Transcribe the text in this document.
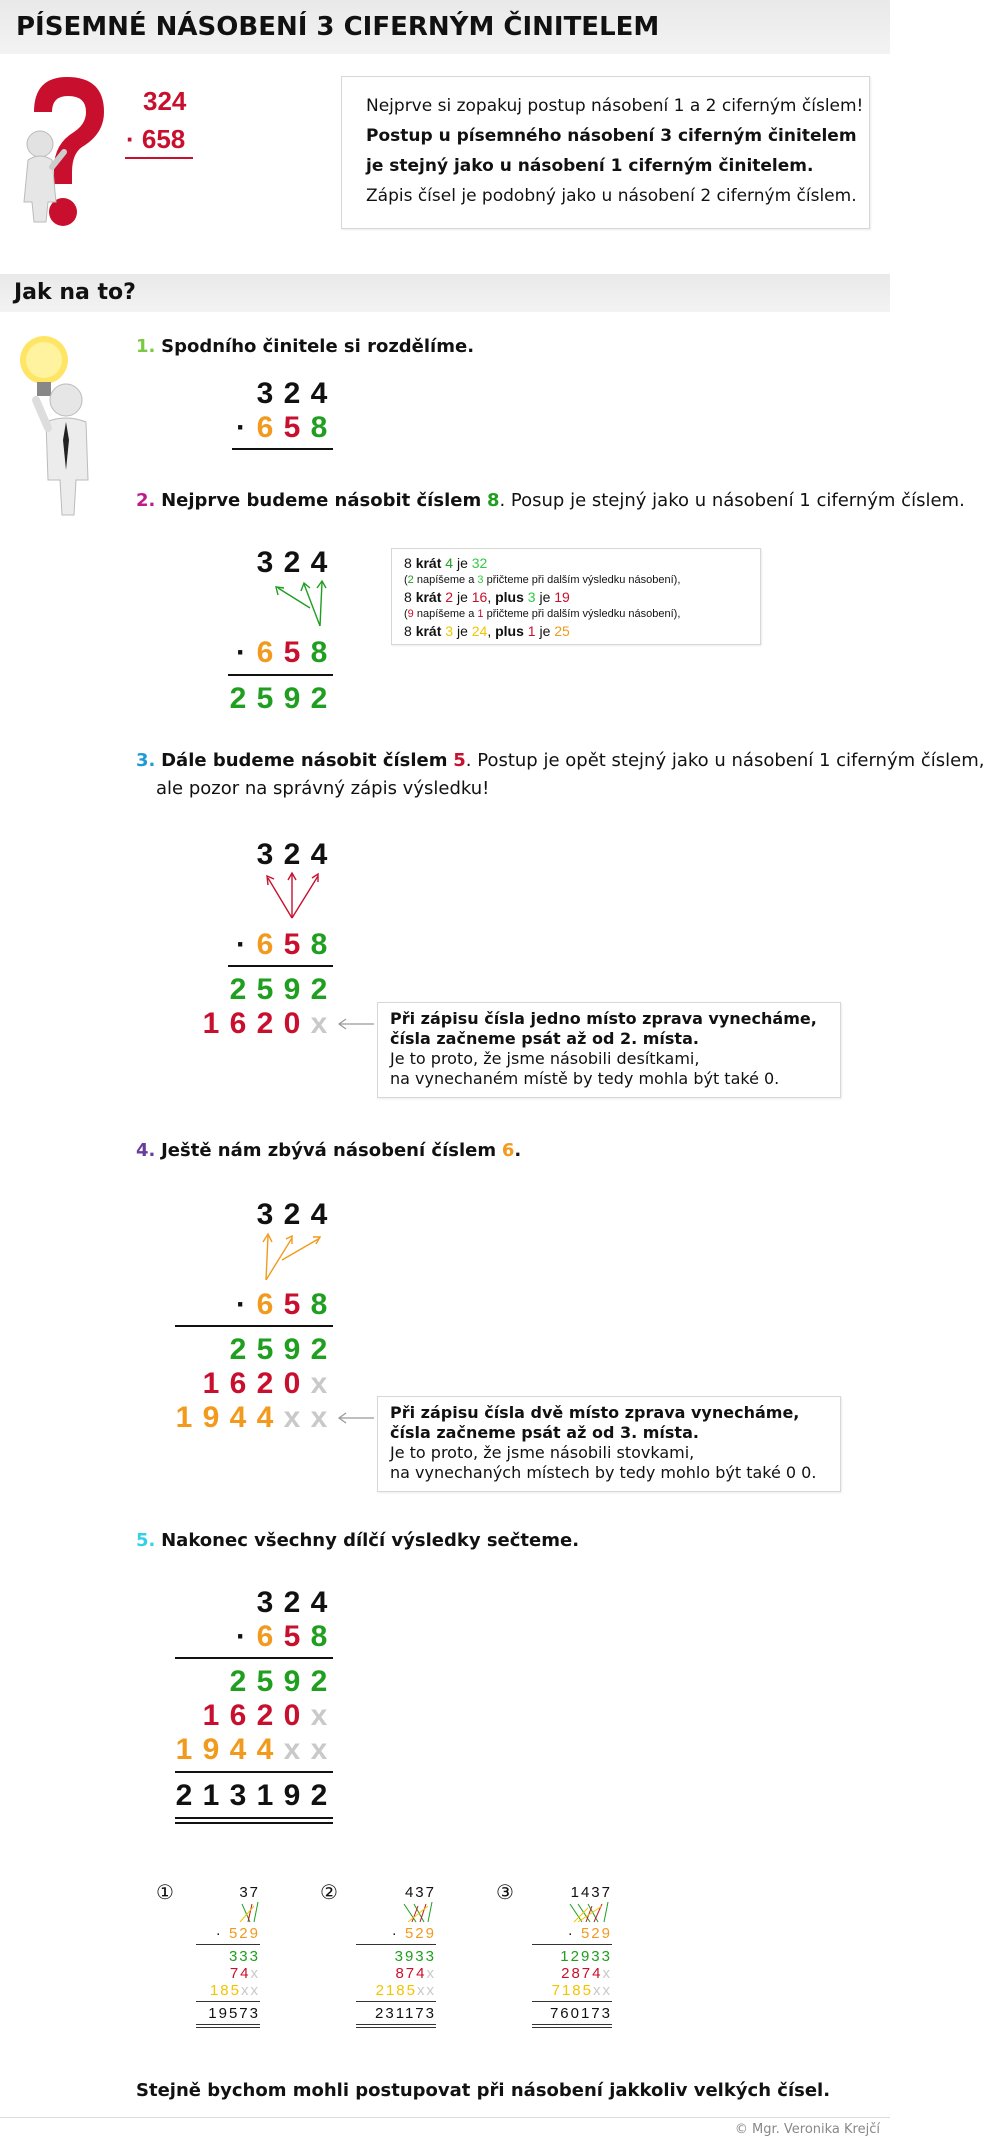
PÍSEMNÉ NÁSOBENÍ 3 CIFERNÝM ČINITELEM
324
· 658
Nejprve si zopakuj postup násobení 1 a 2 ciferným číslem!
Postup u písemného násobení 3 ciferným činitelem
je stejný jako u násobení 1 ciferným činitelem.
Zápis čísel je podobný jako u násobení 2 ciferným číslem.
Jak na to?
1. Spodního činitele si rozdělíme.
3 2 4
· 6 5 8
2. Nejprve budeme násobit číslem 8. Posup je stejný jako u násobení 1 ciferným číslem.
3 2 4
· 6 5 8
2 5 9 2
8 krát 4 je 32
(2 napíšeme a 3 přičteme při dalším výsledku násobení),
8 krát 2 je 16, plus 3 je 19
(9 napíšeme a 1 přičteme při dalším výsledku násobení),
8 krát 3 je 24, plus 1 je 25
3. Dále budeme násobit číslem 5. Postup je opět stejný jako u násobení 1 ciferným číslem,
ale pozor na správný zápis výsledku!
3 2 4
· 6 5 8
2 5 9 2
1 6 2 0 x	Při zápisu čísla jedno místo zprava vynecháme,
čísla začneme psát až od 2. místa.
Je to proto, že jsme násobili desítkami,
na vynechaném místě by tedy mohla být také 0.
4. Ještě nám zbývá násobení číslem 6.
3 2 4
· 6 5 8
2 5 9 2
1 6 2 0 x
1 9 4 4 x x	Při zápisu čísla dvě místo zprava vynecháme,
čísla začneme psát až od 3. místa.
Je to proto, že jsme násobili stovkami,
na vynechaných místech by tedy mohlo být také 0 0.
5. Nakonec všechny dílčí výsledky sečteme.
3 2 4
· 6 5 8
2 5 9 2
1 6 2 0 x
1 9 4 4 x x
2 1 3 1 9 2
①	37
· 529
333
74x
185xx
19573
②	437
· 529
3933
874x
2185xx
231173
③	1437
· 529
12933
2874x
7185xx
760173
Stejně bychom mohli postupovat při násobení jakkoliv velkých čísel.
© Mgr. Veronika Krejčí
